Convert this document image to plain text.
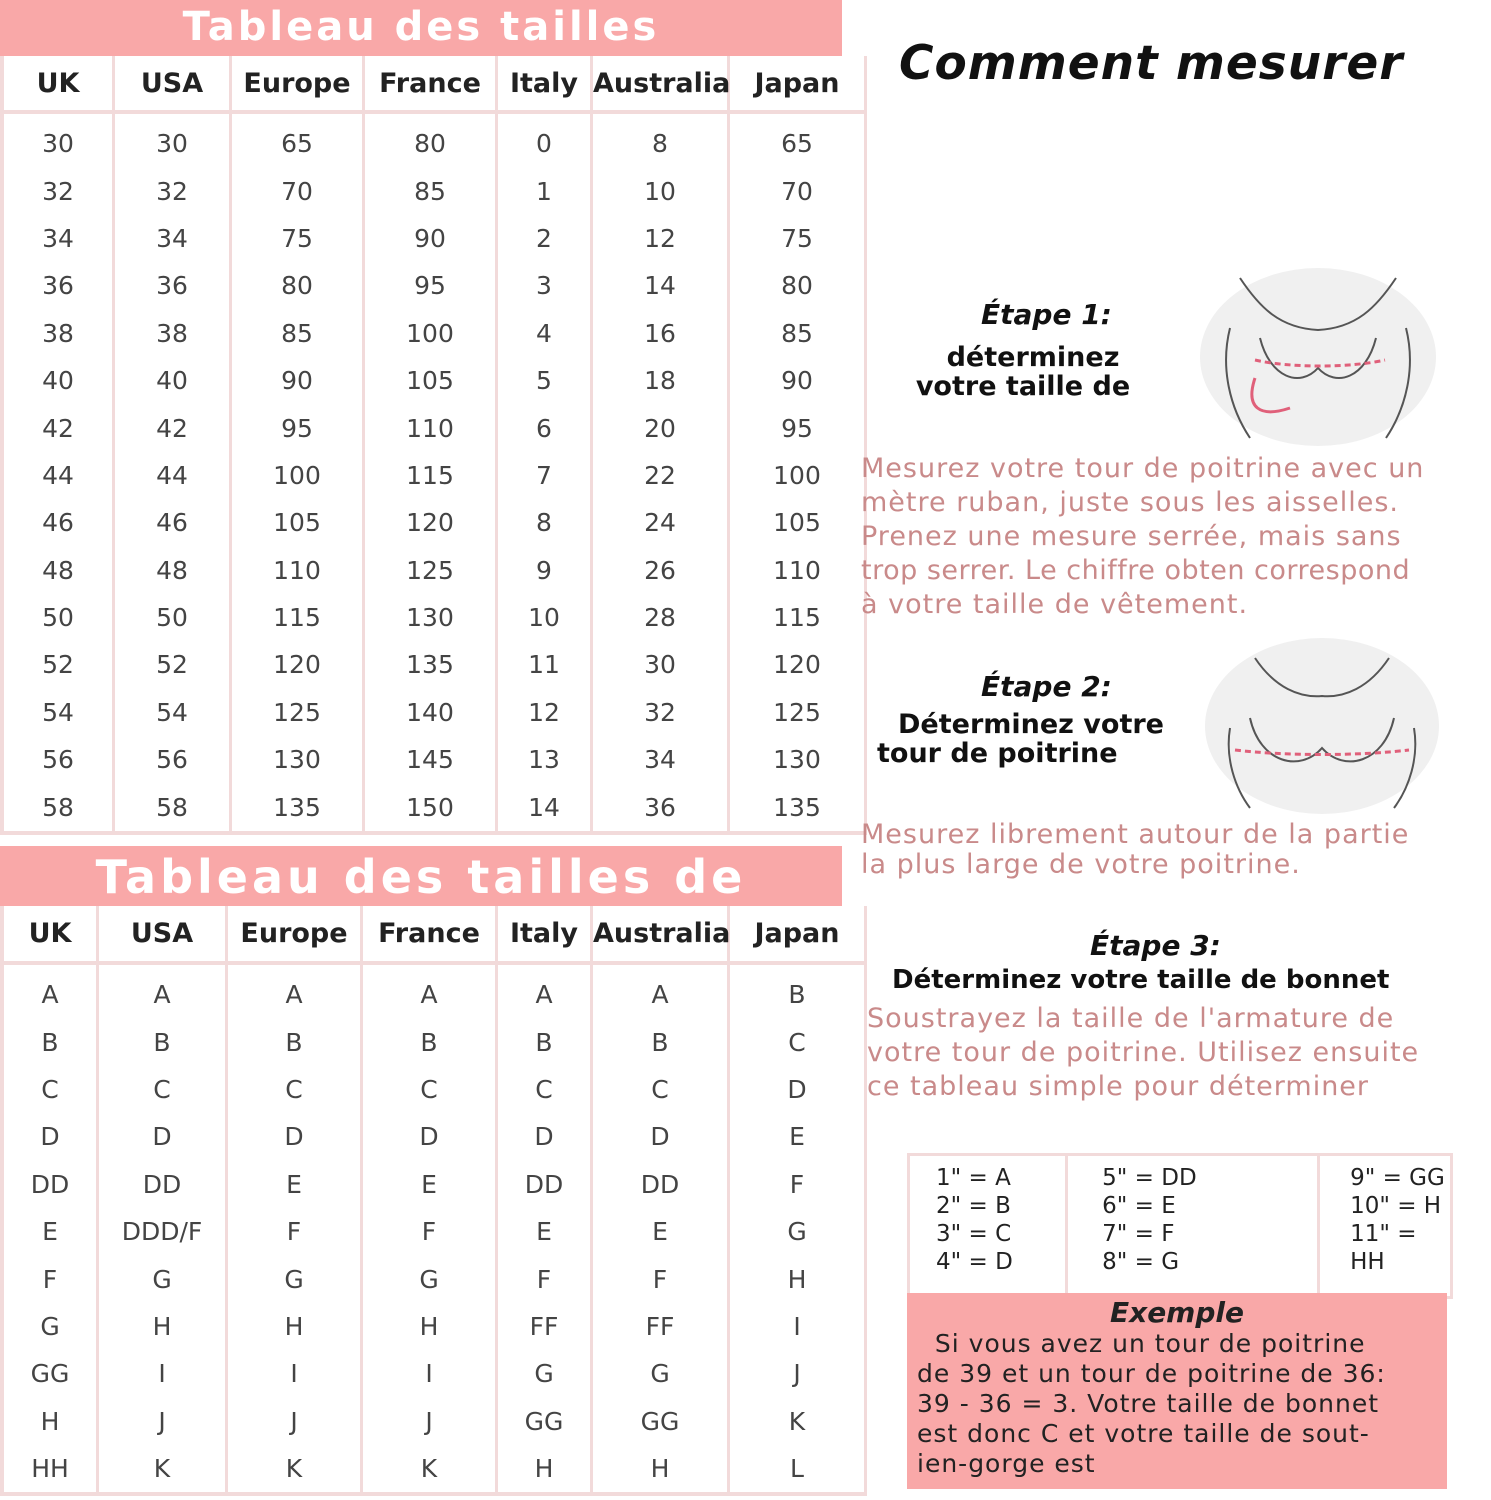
Tableau des tailles
UK	USA	Europe	France	Italy	Australia	Japan
30	30	65	80	0	8	65
32	32	70	85	1	10	70
34	34	75	90	2	12	75
36	36	80	95	3	14	80
38	38	85	100	4	16	85
40	40	90	105	5	18	90
42	42	95	110	6	20	95
44	44	100	115	7	22	100
46	46	105	120	8	24	105
48	48	110	125	9	26	110
50	50	115	130	10	28	115
52	52	120	135	11	30	120
54	54	125	140	12	32	125
56	56	130	145	13	34	130
58	58	135	150	14	36	135
Tableau des tailles de
UK	USA	Europe	France	Italy	Australia	Japan
A	A	A	A	A	A	B
B	B	B	B	B	B	C
C	C	C	C	C	C	D
D	D	D	D	D	D	E
DD	DD	E	E	DD	DD	F
E	DDD/F	F	F	E	E	G
F	G	G	G	F	F	H
G	H	H	H	FF	FF	I
GG	I	I	I	G	G	J
H	J	J	J	GG	GG	K
HH	K	K	K	H	H	L
Comment mesurer
Étape 1:
déterminez
votre taille de
Mesurez votre tour de poitrine avec un
mètre ruban, juste sous les aisselles.
Prenez une mesure serrée, mais sans
trop serrer. Le chiffre obten correspond
à votre taille de vêtement.
Étape 2:
Déterminez votre
tour de poitrine
Mesurez librement autour de la partie
la plus large de votre poitrine.
Étape 3:
Déterminez votre taille de bonnet
Soustrayez la taille de l'armature de
votre tour de poitrine. Utilisez ensuite
ce tableau simple pour déterminer
1" = A
2" = B
3" = C
4" = D
5" = DD
6" = E
7" = F
8" = G
9" = GG
10" = H
11" = HH
Exemple
Si vous avez un tour de poitrine
de 39 et un tour de poitrine de 36:
39 - 36 = 3. Votre taille de bonnet
est donc C et votre taille de sout-
ien-gorge est
